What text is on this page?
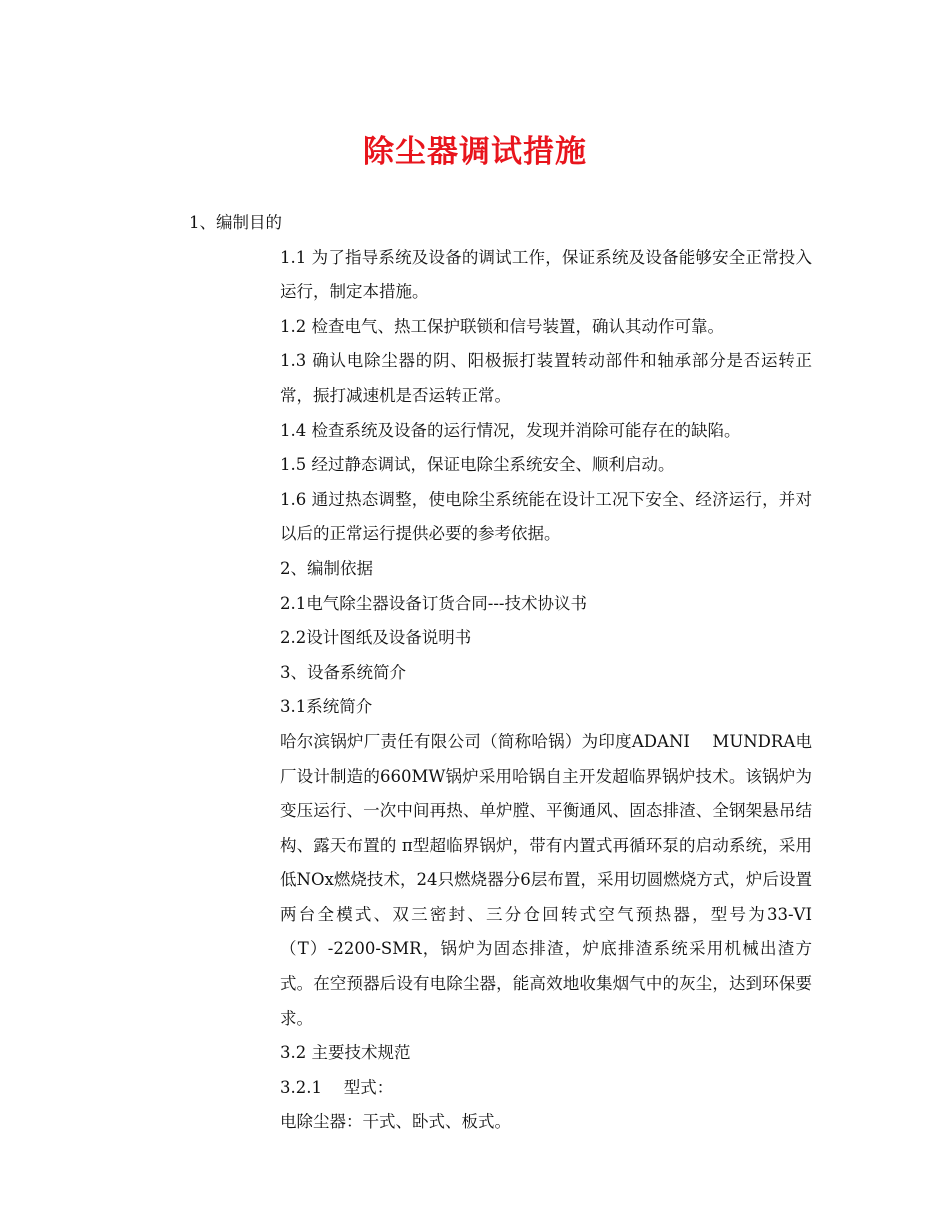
除尘器调试措施

1、编制目的

1.1 为了指导系统及设备的调试工作，保证系统及设备能够安全正常投入运行，制定本措施。

1.2 检查电气、热工保护联锁和信号装置，确认其动作可靠。

1.3 确认电除尘器的阴、阳极振打装置转动部件和轴承部分是否运转正常，振打减速机是否运转正常。

1.4 检查系统及设备的运行情况，发现并消除可能存在的缺陷。

1.5 经过静态调试，保证电除尘系统安全、顺利启动。

1.6 通过热态调整，使电除尘系统能在设计工况下安全、经济运行，并对以后的正常运行提供必要的参考依据。

2、编制依据

2.1电气除尘器设备订货合同---技术协议书

2.2设计图纸及设备说明书

3、设备系统简介

3.1系统简介

哈尔滨锅炉厂责任有限公司（简称哈锅）为印度ADANI　 MUNDRA电厂设计制造的660MW锅炉采用哈锅自主开发超临界锅炉技术。该锅炉为变压运行、一次中间再热、单炉膛、平衡通风、固态排渣、全钢架悬吊结构、露天布置的 π型超临界锅炉，带有内置式再循环泵的启动系统，采用低NOx燃烧技术，24只燃烧器分6层布置，采用切圆燃烧方式，炉后设置两台全模式、双三密封、三分仓回转式空气预热器，型号为33-VI（T）-2200-SMR，锅炉为固态排渣，炉底排渣系统采用机械出渣方式。在空预器后设有电除尘器，能高效地收集烟气中的灰尘，达到环保要求。

3.2 主要技术规范

3.2.1　 型式：

电除尘器：干式、卧式、板式。
